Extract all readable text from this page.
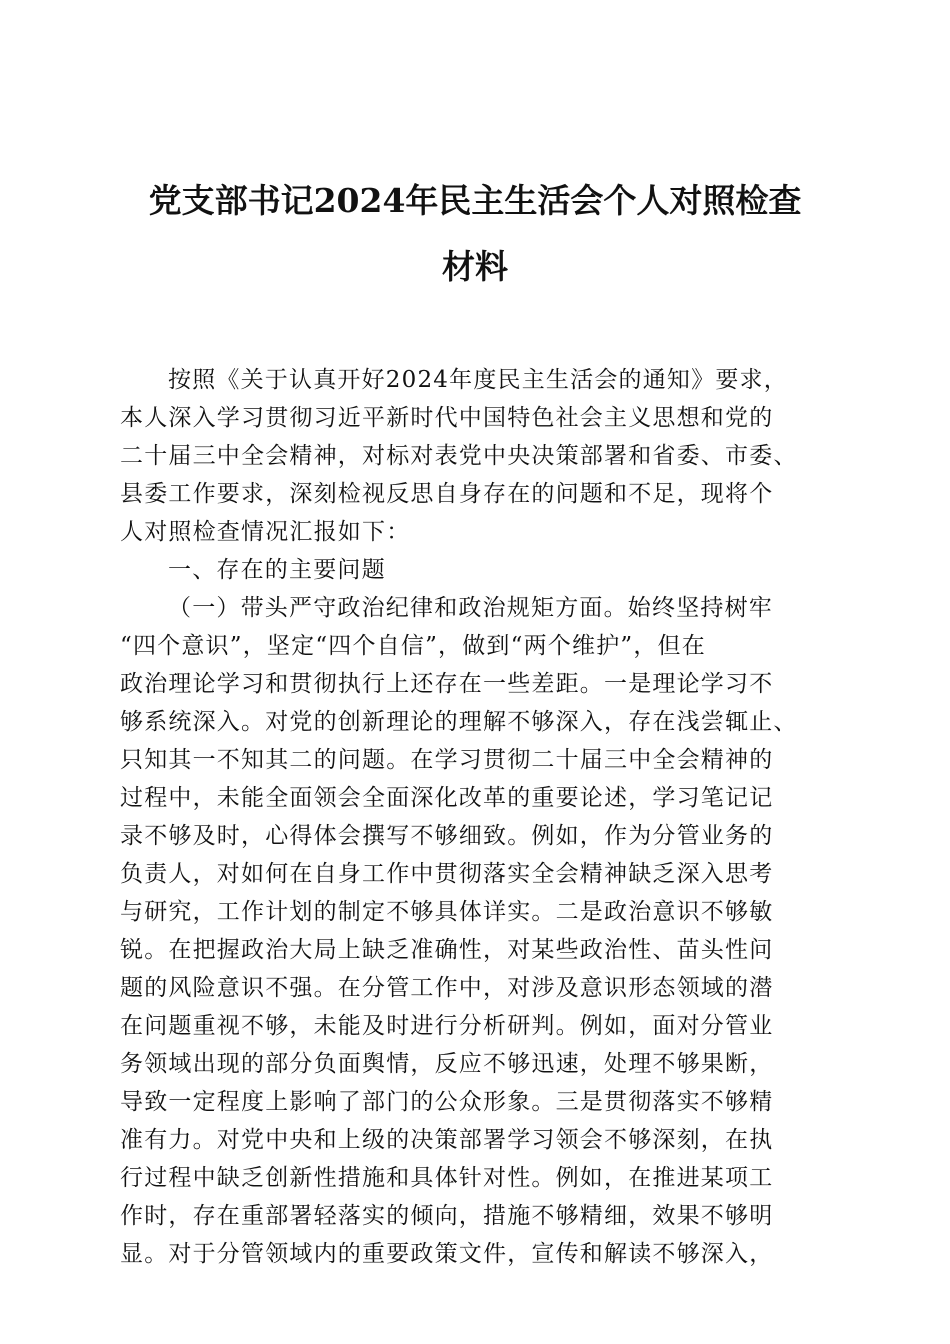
党支部书记2024年民主生活会个人对照检查
材料
按照《关于认真开好2024年度民主生活会的通知》要求，
本人深入学习贯彻习近平新时代中国特色社会主义思想和党的
二十届三中全会精神，对标对表党中央决策部署和省委、市委、
县委工作要求，深刻检视反思自身存在的问题和不足，现将个
人对照检查情况汇报如下：
一、存在的主要问题
（一）带头严守政治纪律和政治规矩方面。始终坚持树牢
“四个意识”，坚定“四个自信”，做到“两个维护”，但在
政治理论学习和贯彻执行上还存在一些差距。一是理论学习不
够系统深入。对党的创新理论的理解不够深入，存在浅尝辄止、
只知其一不知其二的问题。在学习贯彻二十届三中全会精神的
过程中，未能全面领会全面深化改革的重要论述，学习笔记记
录不够及时，心得体会撰写不够细致。例如，作为分管业务的
负责人，对如何在自身工作中贯彻落实全会精神缺乏深入思考
与研究，工作计划的制定不够具体详实。二是政治意识不够敏
锐。在把握政治大局上缺乏准确性，对某些政治性、苗头性问
题的风险意识不强。在分管工作中，对涉及意识形态领域的潜
在问题重视不够，未能及时进行分析研判。例如，面对分管业
务领域出现的部分负面舆情，反应不够迅速，处理不够果断，
导致一定程度上影响了部门的公众形象。三是贯彻落实不够精
准有力。对党中央和上级的决策部署学习领会不够深刻，在执
行过程中缺乏创新性措施和具体针对性。例如，在推进某项工
作时，存在重部署轻落实的倾向，措施不够精细，效果不够明
显。对于分管领域内的重要政策文件，宣传和解读不够深入，
